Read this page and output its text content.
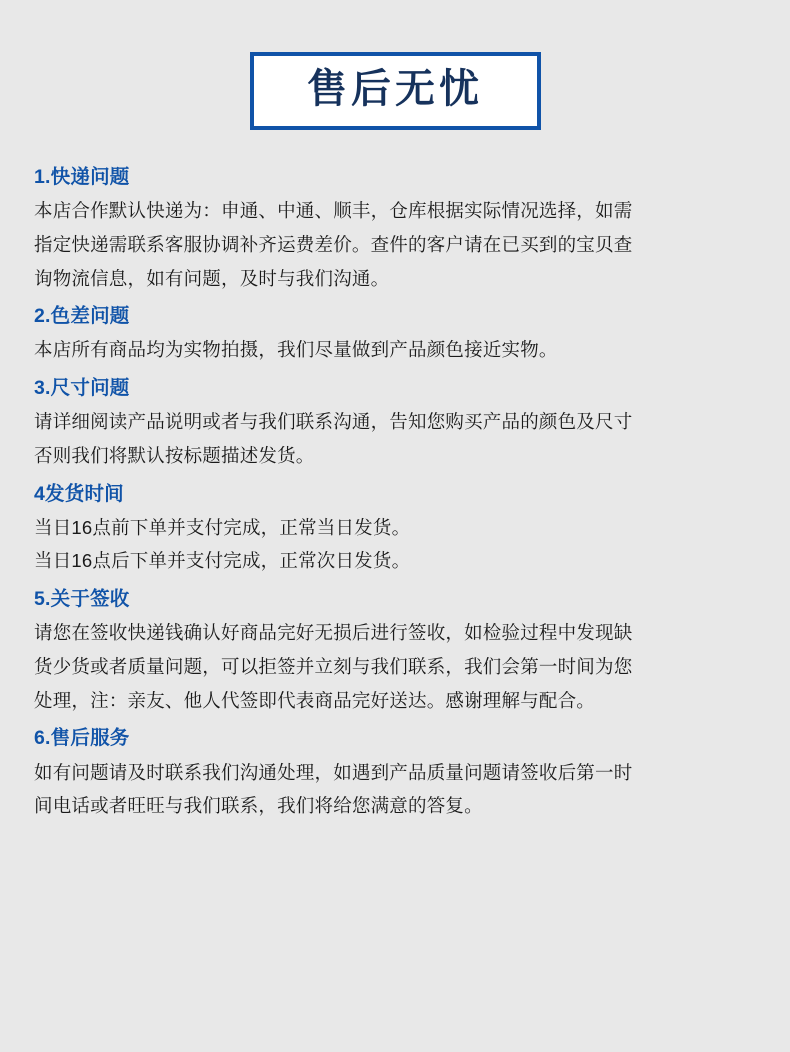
售后无忧
1.快递问题
本店合作默认快递为：申通、中通、顺丰，仓库根据实际情况选择，如需
指定快递需联系客服协调补齐运费差价。查件的客户请在已买到的宝贝查
询物流信息，如有问题，及时与我们沟通。
2.色差问题
本店所有商品均为实物拍摄，我们尽量做到产品颜色接近实物。
3.尺寸问题
请详细阅读产品说明或者与我们联系沟通，告知您购买产品的颜色及尺寸
否则我们将默认按标题描述发货。
4发货时间
当日16点前下单并支付完成，正常当日发货。
当日16点后下单并支付完成，正常次日发货。
5.关于签收
请您在签收快递钱确认好商品完好无损后进行签收，如检验过程中发现缺
货少货或者质量问题，可以拒签并立刻与我们联系，我们会第一时间为您
处理，注：亲友、他人代签即代表商品完好送达。感谢理解与配合。
6.售后服务
如有问题请及时联系我们沟通处理，如遇到产品质量问题请签收后第一时
间电话或者旺旺与我们联系，我们将给您满意的答复。
